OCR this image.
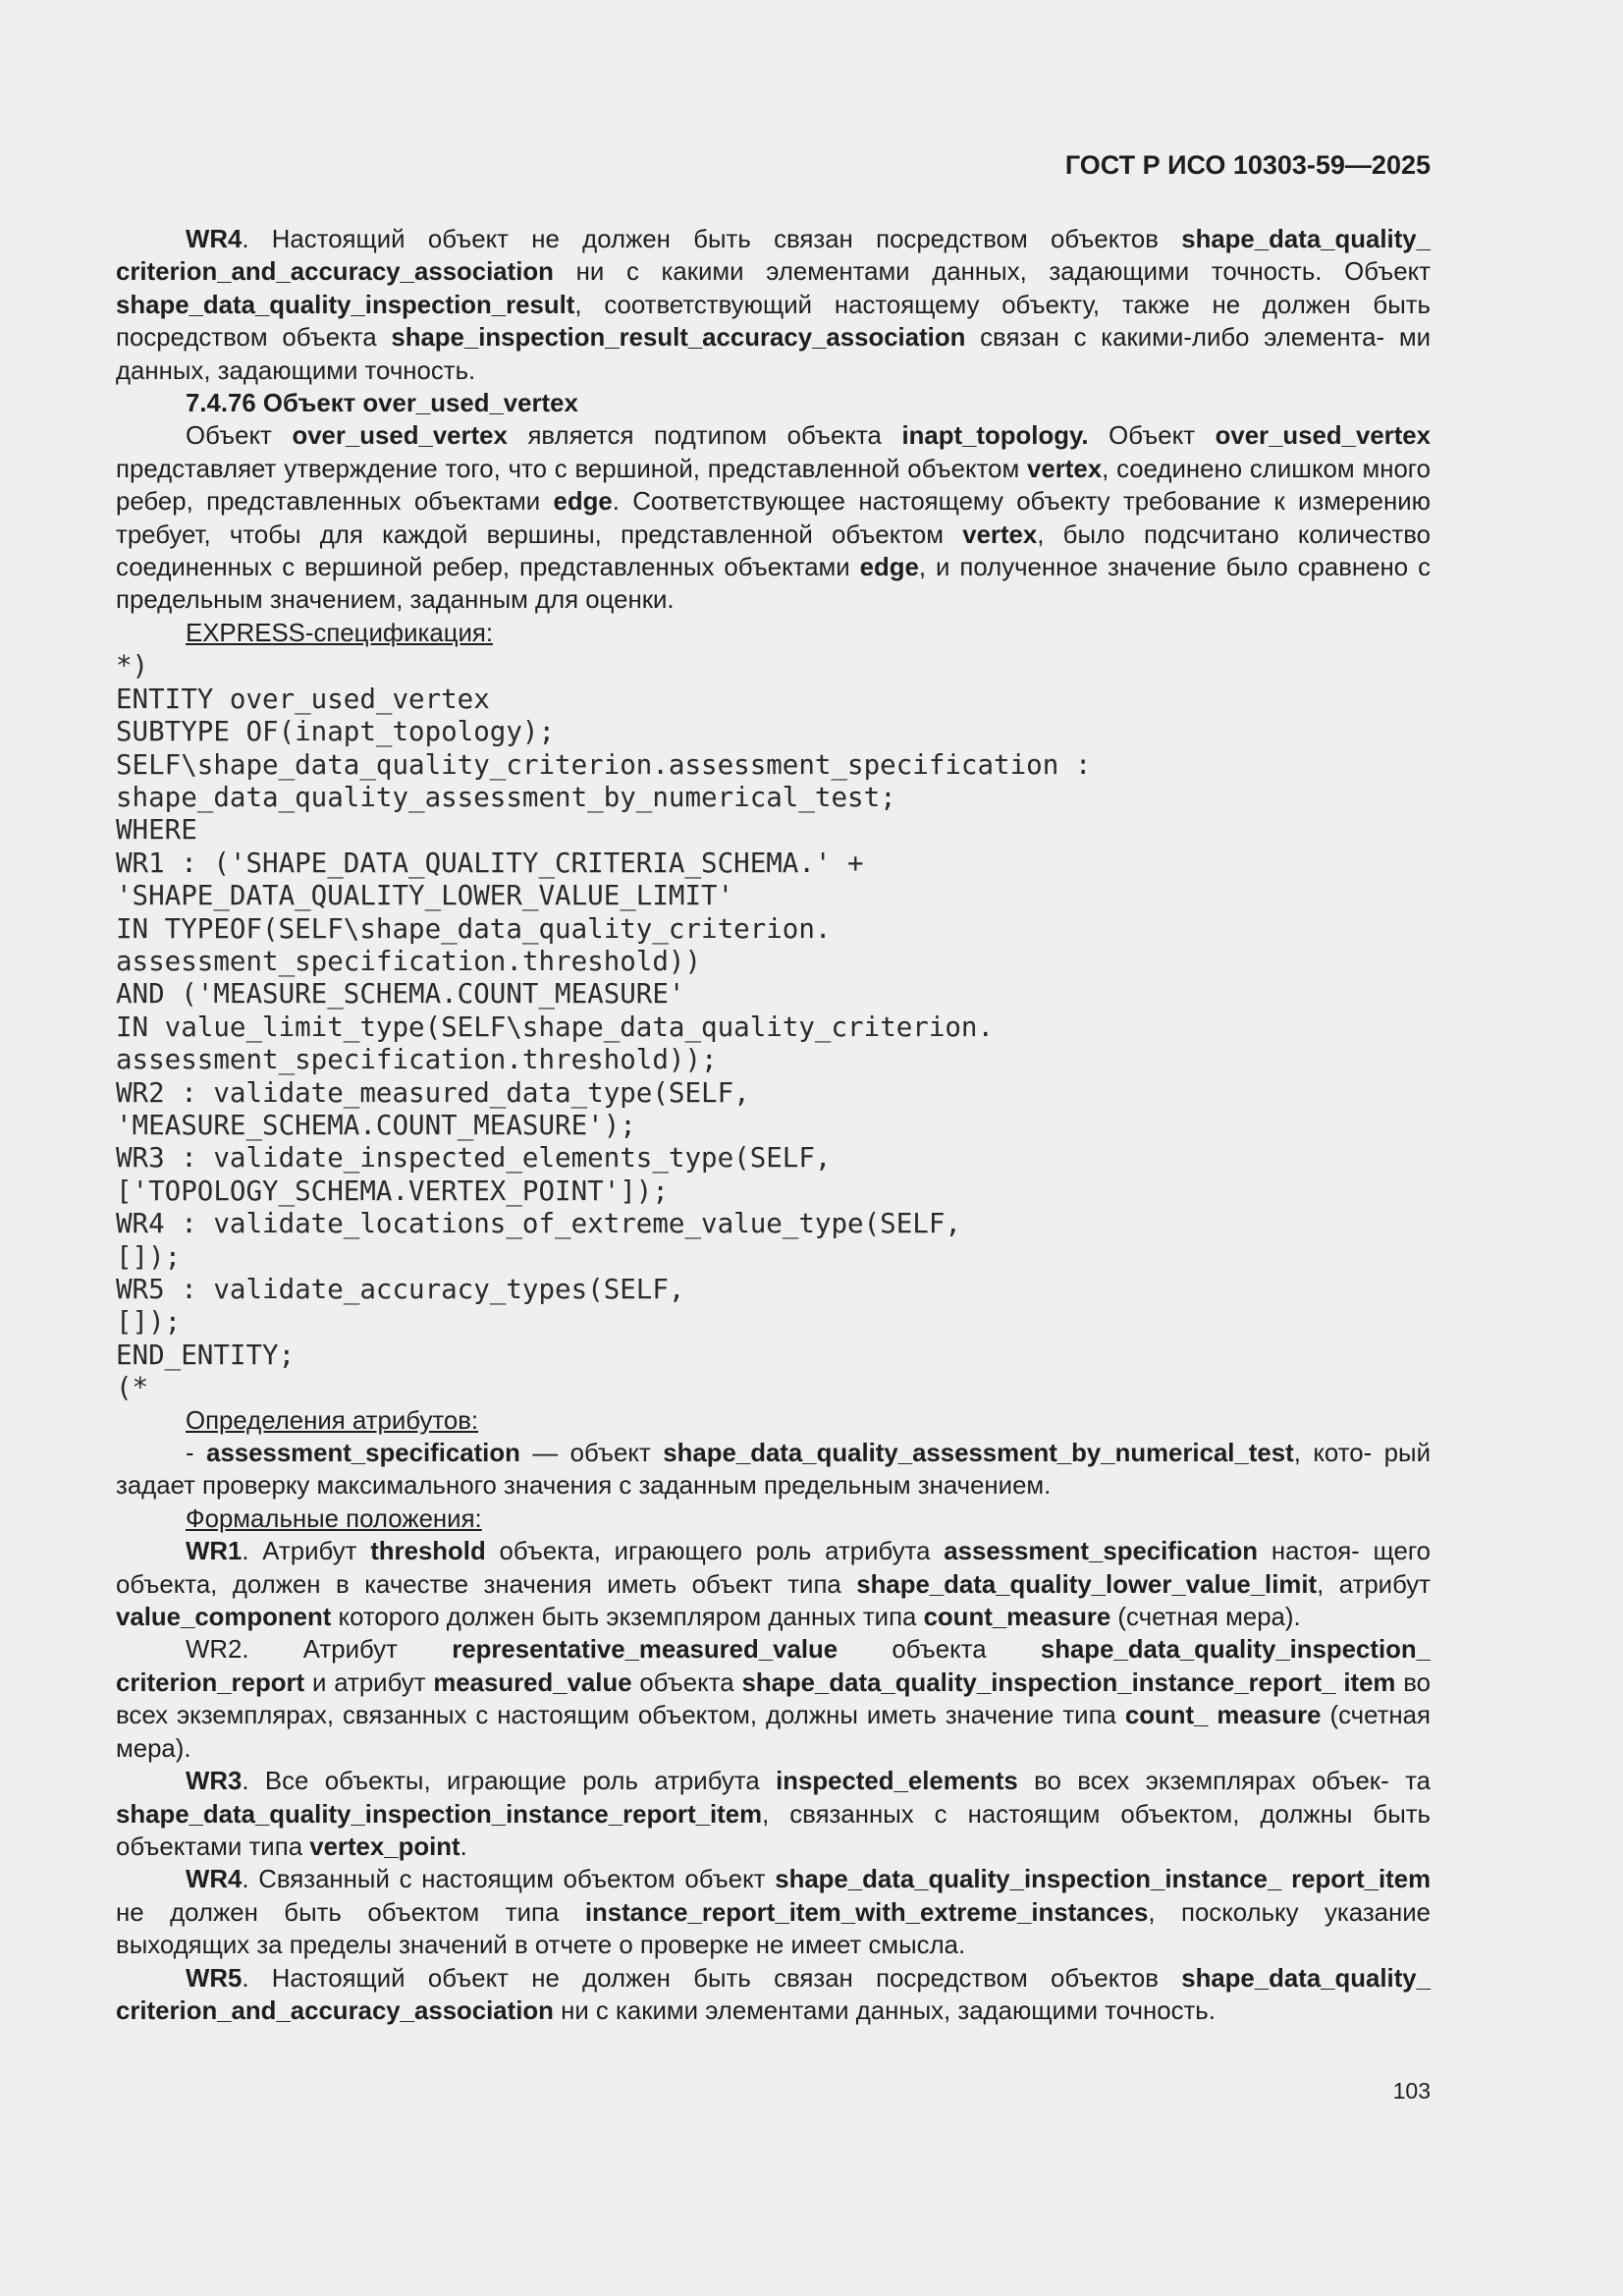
ГОСТ Р ИСО 10303-59—2025

WR4. Настоящий объект не должен быть связан посредством объектов shape_data_quality_ criterion_and_accuracy_association ни с какими элементами данных, задающими точность. Объект shape_data_quality_inspection_result, соответствующий настоящему объекту, также не должен быть посредством объекта shape_inspection_result_accuracy_association связан с какими-либо элемента- ми данных, задающими точность.

7.4.76 Объект over_used_vertex

Объект over_used_vertex является подтипом объекта inapt_topology. Объект over_used_vertex представляет утверждение того, что с вершиной, представленной объектом vertex, соединено слишком много ребер, представленных объектами edge. Соответствующее настоящему объекту требование к измерению требует, чтобы для каждой вершины, представленной объектом vertex, было подсчитано количество соединенных с вершиной ребер, представленных объектами edge, и полученное значение было сравнено с предельным значением, заданным для оценки.

EXPRESS-спецификация:

*)
ENTITY over_used_vertex
SUBTYPE OF(inapt_topology);
SELF\shape_data_quality_criterion.assessment_specification :
shape_data_quality_assessment_by_numerical_test;
WHERE
WR1 : ('SHAPE_DATA_QUALITY_CRITERIA_SCHEMA.' +
'SHAPE_DATA_QUALITY_LOWER_VALUE_LIMIT'
IN TYPEOF(SELF\shape_data_quality_criterion.
assessment_specification.threshold))
AND ('MEASURE_SCHEMA.COUNT_MEASURE'
IN value_limit_type(SELF\shape_data_quality_criterion.
assessment_specification.threshold));
WR2 : validate_measured_data_type(SELF,
'MEASURE_SCHEMA.COUNT_MEASURE');
WR3 : validate_inspected_elements_type(SELF,
['TOPOLOGY_SCHEMA.VERTEX_POINT']);
WR4 : validate_locations_of_extreme_value_type(SELF,
[]);
WR5 : validate_accuracy_types(SELF,
[]);
END_ENTITY;
(*

Определения атрибутов:

- assessment_specification — объект shape_data_quality_assessment_by_numerical_test, кото- рый задает проверку максимального значения с заданным предельным значением.

Формальные положения:

WR1. Атрибут threshold объекта, играющего роль атрибута assessment_specification настоя- щего объекта, должен в качестве значения иметь объект типа shape_data_quality_lower_value_limit, атрибут value_component которого должен быть экземпляром данных типа count_measure (счетная мера).

WR2. Атрибут representative_measured_value объекта shape_data_quality_inspection_ criterion_report и атрибут measured_value объекта shape_data_quality_inspection_instance_report_ item во всех экземплярах, связанных с настоящим объектом, должны иметь значение типа count_ measure (счетная мера).

WR3. Все объекты, играющие роль атрибута inspected_elements во всех экземплярах объек- та shape_data_quality_inspection_instance_report_item, связанных с настоящим объектом, должны быть объектами типа vertex_point.

WR4. Связанный с настоящим объектом объект shape_data_quality_inspection_instance_ report_item не должен быть объектом типа instance_report_item_with_extreme_instances, поскольку указание выходящих за пределы значений в отчете о проверке не имеет смысла.

WR5. Настоящий объект не должен быть связан посредством объектов shape_data_quality_ criterion_and_accuracy_association ни с какими элементами данных, задающими точность.

103
